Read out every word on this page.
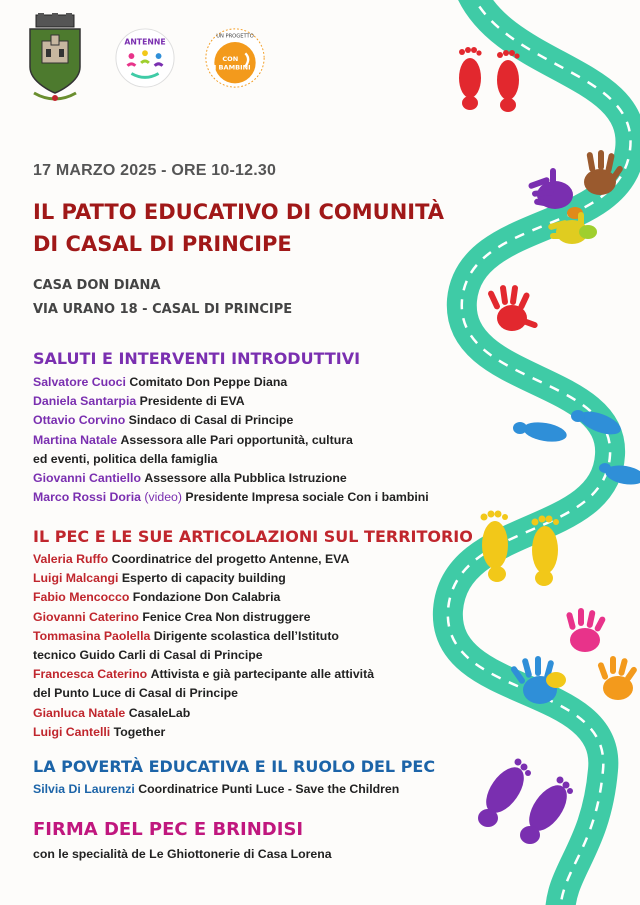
ANTENNE
UN PROGETTO
CON
I BAMBINI
17 MARZO 2025 - ORE 10-12.30
IL PATTO EDUCATIVO DI COMUNITÀ
DI CASAL DI PRINCIPE
CASA DON DIANA
VIA URANO 18 - CASAL DI PRINCIPE
SALUTI E INTERVENTI INTRODUTTIVI
Salvatore Cuoci Comitato Don Peppe Diana
Daniela Santarpia Presidente di EVA
Ottavio Corvino Sindaco di Casal di Principe
Martina Natale Assessora alle Pari opportunità, cultura
ed eventi, politica della famiglia
Giovanni Cantiello Assessore alla Pubblica Istruzione
Marco Rossi Doria (video) Presidente Impresa sociale Con i bambini
IL PEC E LE SUE ARTICOLAZIONI SUL TERRITORIO
Valeria Ruffo Coordinatrice del progetto Antenne, EVA
Luigi Malcangi Esperto di capacity building
Fabio Mencocco Fondazione Don Calabria
Giovanni Caterino Fenice Crea Non distruggere
Tommasina Paolella Dirigente scolastica dell’Istituto
tecnico Guido Carli di Casal di Principe
Francesca Caterino Attivista e già partecipante alle attività
del Punto Luce di Casal di Principe
Gianluca Natale CasaleLab
Luigi Cantelli Together
LA POVERTÀ EDUCATIVA E IL RUOLO DEL PEC
Silvia Di Laurenzi Coordinatrice Punti Luce - Save the Children
FIRMA DEL PEC E BRINDISI
con le specialità de Le Ghiottonerie di Casa Lorena
